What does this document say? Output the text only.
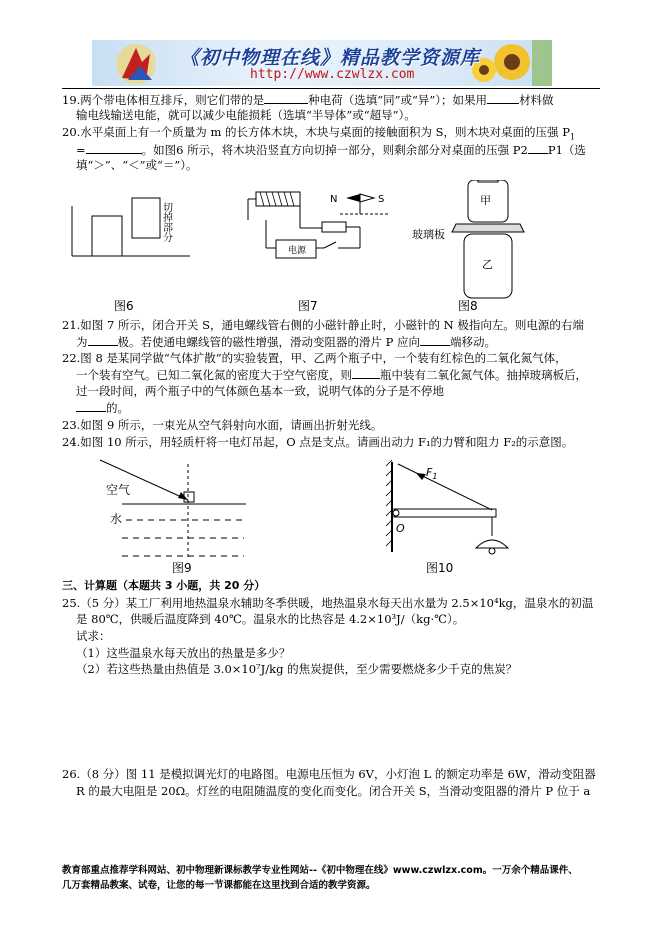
《初中物理在线》精品教学资源库
http://www.czwlzx.com
19.两个带电体相互排斥，则它们带的是	种电荷（选填“同”或“异”）；如果用	材料做
输电线输送电能，就可以减少电能损耗（选填“半导体”或“超导”）。
20.水平桌面上有一个质量为 m 的长方体木块，木块与桌面的接触面积为 S，则木块对桌面的压强 $P_1$
=	。如图6 所示，将木块沿竖直方向切掉一部分，则剩余部分对桌面的压强 P2 P1（选
填“＞”、“＜”或“＝”）。
切掉部分
N	S
电源
甲
乙
玻璃板
图6	图7	图8
21.如图 7 所示，闭合开关 S，通电螺线管右侧的小磁针静止时，小磁针的 N 极指向左。则电源的右端
为	极。若使通电螺线管的磁性增强，滑动变阻器的滑片 P 应向	端移动。
22.图 8 是某同学做“气体扩散”的实验装置，甲、乙两个瓶子中，一个装有红棕色的二氧化氮气体，
一个装有空气。已知二氧化氮的密度大于空气密度，则 瓶中装有二氧化氮气体。抽掉玻璃板后，
过一段时间，两个瓶子中的气体颜色基本一致，说明气体的分子是不停地
的。
23.如图 9 所示，一束光从空气斜射向水面，请画出折射光线。
24.如图 10 所示，用轻质杆将一电灯吊起，O 点是支点。请画出动力 F₁的力臂和阻力 F₂的示意图。
空气
水
O
$F_1$
图9	图10
三、计算题（本题共 3 小题，共 20 分）
25.（5 分）某工厂利用地热温泉水辅助冬季供暖，地热温泉水每天出水量为 2.5×10⁴kg，温泉水的初温
是 80℃，供暖后温度降到 40℃。温泉水的比热容是 4.2×10³J/（kg·℃）。
试求：
（1）这些温泉水每天放出的热量是多少？
（2）若这些热量由热值是 3.0×10⁷J/kg 的焦炭提供，至少需要燃烧多少千克的焦炭？
26.（8 分）图 11 是模拟调光灯的电路图。电源电压恒为 6V，小灯泡 L 的额定功率是 6W，滑动变阻器
R 的最大电阻是 20Ω。灯丝的电阻随温度的变化而变化。闭合开关 S，当滑动变阻器的滑片 P 位于 a
教育部重点推荐学科网站、初中物理新课标教学专业性网站--《初中物理在线》www.czwlzx.com。一万余个精品课件、
几万套精品教案、试卷，让您的每一节课都能在这里找到合适的教学资源。
